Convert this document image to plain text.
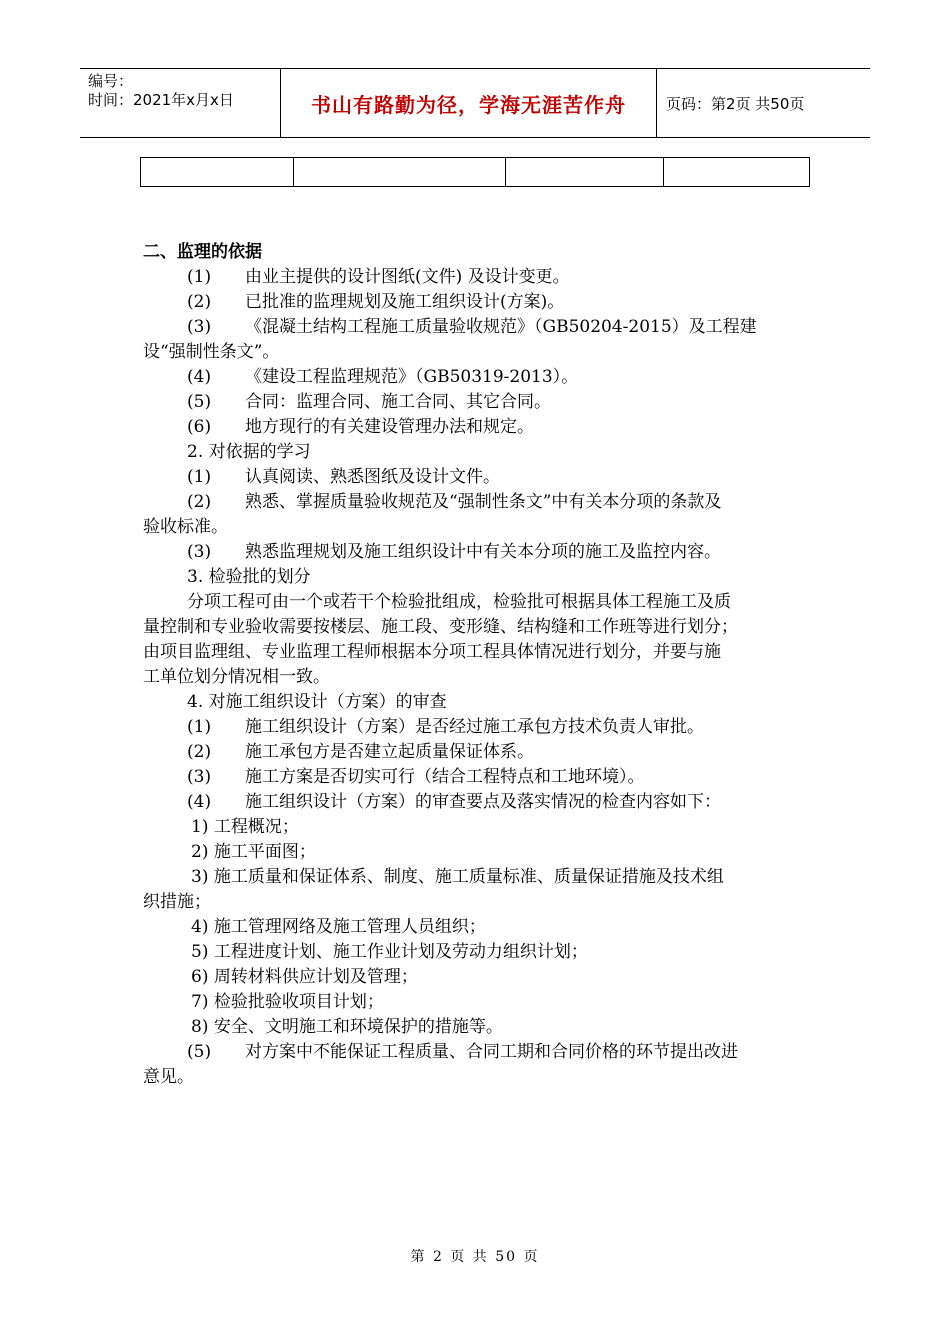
编号：
时间：2021年x月x日	书山有路勤为径，学海无涯苦作舟	页码：第2页 共50页

二、监理的依据

(1) 由业主提供的设计图纸(文件) 及设计变更。

(2) 已批准的监理规划及施工组织设计(方案)。

(3) 《混凝土结构工程施工质量验收规范》（GB50204-2015）及工程建

设“强制性条文”。

(4) 《建设工程监理规范》（GB50319-2013）。

(5) 合同：监理合同、施工合同、其它合同。

(6) 地方现行的有关建设管理办法和规定。

2. 对依据的学习

(1) 认真阅读、熟悉图纸及设计文件。

(2) 熟悉、掌握质量验收规范及“强制性条文”中有关本分项的条款及

验收标准。

(3) 熟悉监理规划及施工组织设计中有关本分项的施工及监控内容。

3. 检验批的划分

分项工程可由一个或若干个检验批组成，检验批可根据具体工程施工及质

量控制和专业验收需要按楼层、施工段、变形缝、结构缝和工作班等进行划分；

由项目监理组、专业监理工程师根据本分项工程具体情况进行划分，并要与施

工单位划分情况相一致。

4. 对施工组织设计（方案）的审查

(1) 施工组织设计（方案）是否经过施工承包方技术负责人审批。

(2) 施工承包方是否建立起质量保证体系。

(3) 施工方案是否切实可行（结合工程特点和工地环境）。

(4) 施工组织设计（方案）的审查要点及落实情况的检查内容如下：

1) 工程概况；

2) 施工平面图；

3) 施工质量和保证体系、制度、施工质量标准、质量保证措施及技术组

织措施；

4) 施工管理网络及施工管理人员组织；

5) 工程进度计划、施工作业计划及劳动力组织计划；

6) 周转材料供应计划及管理；

7) 检验批验收项目计划；

8) 安全、文明施工和环境保护的措施等。

(5) 对方案中不能保证工程质量、合同工期和合同价格的环节提出改进

意见。

第 2 页 共 50 页
